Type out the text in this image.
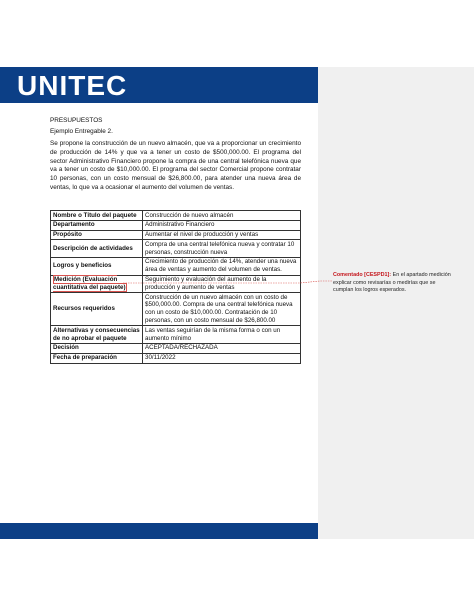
UNITEC
PRESUPUESTOS
Ejemplo Entregable 2.
Se propone la construcción de un nuevo almacén, que va a proporcionar un crecimiento de producción de 14% y que va a tener un costo de $500,000.00. El programa del sector Administrativo Financiero propone la compra de una central telefónica nueva que va a tener un costo de $10,000.00. El programa del sector Comercial propone contratar 10 personas, con un costo mensual de $26,800.00, para atender una nueva área de ventas, lo que va a ocasionar el aumento del volumen de ventas.
Nombre o Título del paquete	Construcción de nuevo almacén
Departamento	Administrativo Financiero
Propósito	Aumentar el nivel de producción y ventas
Descripción de actividades	Compra de una central telefónica nueva y contratar 10 personas, construcción nueva
Logros y beneficios	Crecimiento de producción de 14%, atender una nueva área de ventas y aumento del volumen de ventas.
Medición (Evaluación cuantitativa del paquete)	Seguimiento y evaluación del aumento de la producción y aumento de ventas
Recursos requeridos	Construcción de un nuevo almacén con un costo de $500,000.00. Compra de una central telefónica nueva con un costo de $10,000.00. Contratación de 10 personas, con un costo mensual de $26,800.00
Alternativas y consecuencias de no aprobar el paquete	Las ventas seguirían de la misma forma o con un aumento mínimo
Decisión	ACEPTADA/RECHAZADA
Fecha de preparación	30/11/2022
Comentado [CESPD1]: En el apartado medición explicar como revisarías o medirías que se cumplan los logros esperados.
